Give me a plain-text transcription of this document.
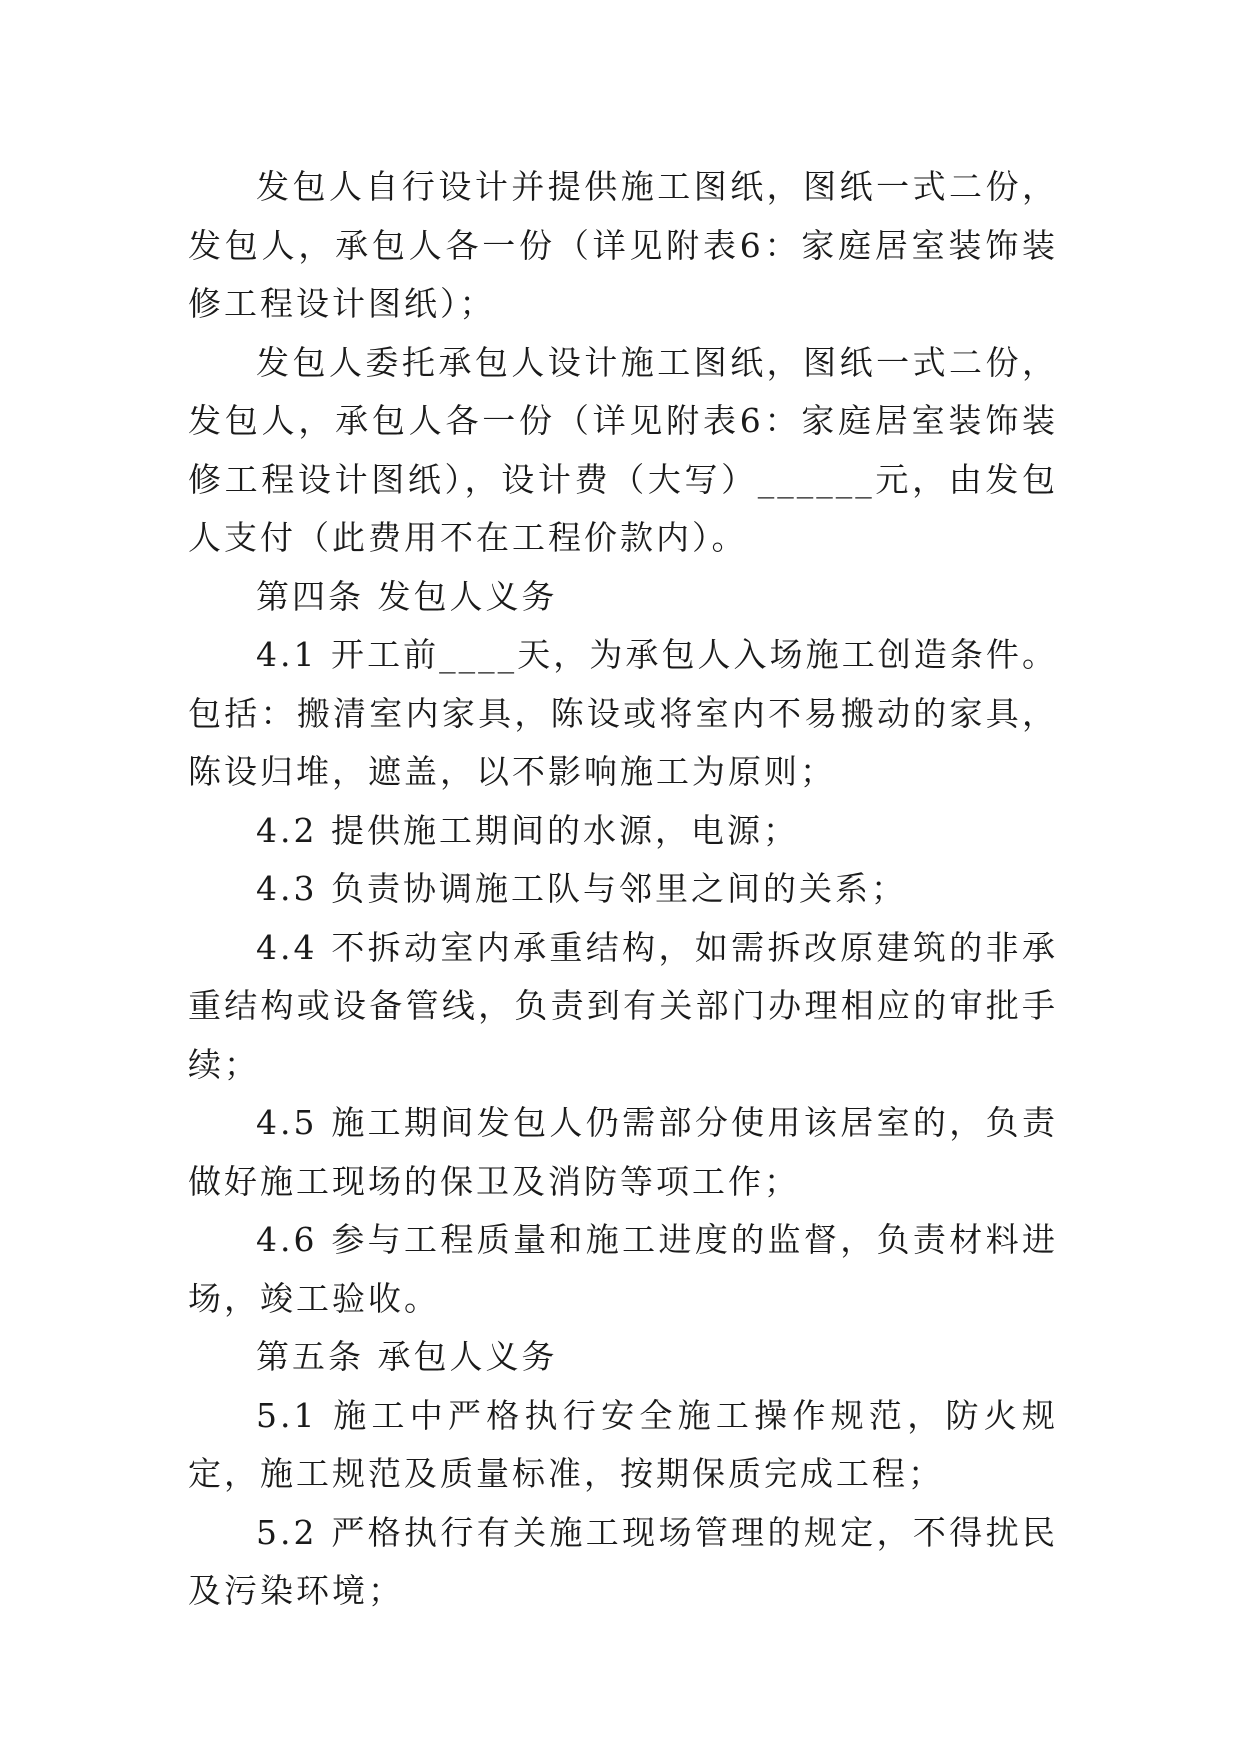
发包人自行设计并提供施工图纸，图纸一式二份，发包人，承包人各一份（详见附表6：家庭居室装饰装修工程设计图纸）；

发包人委托承包人设计施工图纸，图纸一式二份，发包人，承包人各一份（详见附表6：家庭居室装饰装修工程设计图纸），设计费（大写）______元，由发包人支付（此费用不在工程价款内）。

第四条 发包人义务

4.1 开工前____天，为承包人入场施工创造条件。包括：搬清室内家具，陈设或将室内不易搬动的家具，陈设归堆，遮盖，以不影响施工为原则；

4.2 提供施工期间的水源，电源；

4.3 负责协调施工队与邻里之间的关系；

4.4 不拆动室内承重结构，如需拆改原建筑的非承重结构或设备管线，负责到有关部门办理相应的审批手续；

4.5 施工期间发包人仍需部分使用该居室的，负责做好施工现场的保卫及消防等项工作；

4.6 参与工程质量和施工进度的监督，负责材料进场，竣工验收。

第五条 承包人义务

5.1 施工中严格执行安全施工操作规范，防火规定，施工规范及质量标准，按期保质完成工程；

5.2 严格执行有关施工现场管理的规定，不得扰民及污染环境；
